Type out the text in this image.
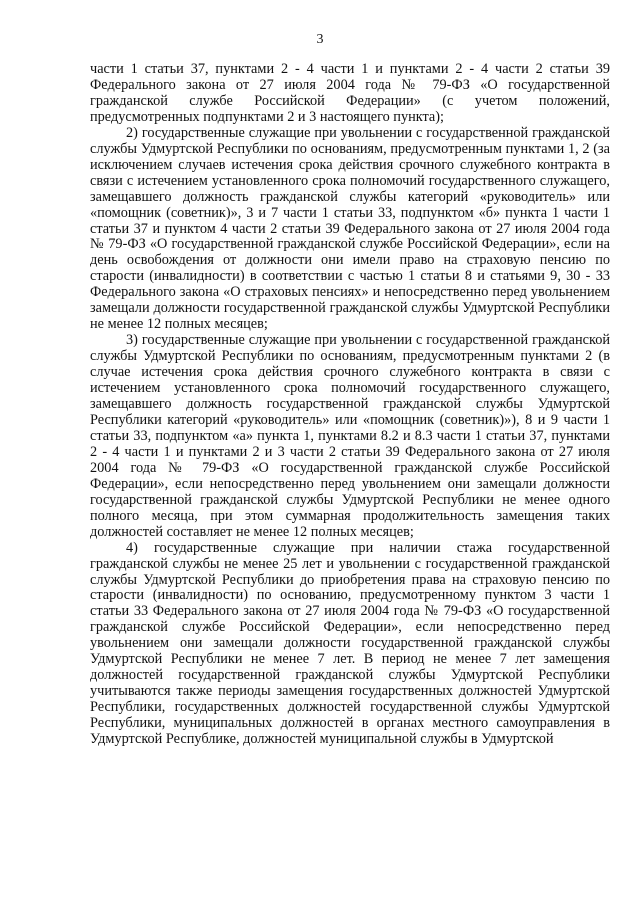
3

части 1 статьи 37, пунктами 2 - 4 части 1 и пунктами 2 - 4 части 2 статьи 39 Федерального закона от 27 июля 2004 года № 79-ФЗ «О государственной гражданской службе Российской Федерации» (с учетом положений, предусмотренных подпунктами 2 и 3 настоящего пункта);

2) государственные служащие при увольнении с государственной гражданской службы Удмуртской Республики по основаниям, предусмотренным пунктами 1, 2 (за исключением случаев истечения срока действия срочного служебного контракта в связи с истечением установленного срока полномочий государственного служащего, замещавшего должность гражданской службы категорий «руководитель» или «помощник (советник)», 3 и 7 части 1 статьи 33, подпунктом «б» пункта 1 части 1 статьи 37 и пунктом 4 части 2 статьи 39 Федерального закона от 27 июля 2004 года № 79-ФЗ «О государственной гражданской службе Российской Федерации», если на день освобождения от должности они имели право на страховую пенсию по старости (инвалидности) в соответствии с частью 1 статьи 8 и статьями 9, 30 - 33 Федерального закона «О страховых пенсиях» и непосредственно перед увольнением замещали должности государственной гражданской службы Удмуртской Республики не менее 12 полных месяцев;

3) государственные служащие при увольнении с государственной гражданской службы Удмуртской Республики по основаниям, предусмотренным пунктами 2 (в случае истечения срока действия срочного служебного контракта в связи с истечением установленного срока полномочий государственного служащего, замещавшего должность государственной гражданской службы Удмуртской Республики категорий «руководитель» или «помощник (советник)»), 8 и 9 части 1 статьи 33, подпунктом «а» пункта 1, пунктами 8.2 и 8.3 части 1 статьи 37, пунктами 2 - 4 части 1 и пунктами 2 и 3 части 2 статьи 39 Федерального закона от 27 июля 2004 года № 79-ФЗ «О государственной гражданской службе Российской Федерации», если непосредственно перед увольнением они замещали должности государственной гражданской службы Удмуртской Республики не менее одного полного месяца, при этом суммарная продолжительность замещения таких должностей составляет не менее 12 полных месяцев;

4) государственные служащие при наличии стажа государственной гражданской службы не менее 25 лет и увольнении с государственной гражданской службы Удмуртской Республики до приобретения права на страховую пенсию по старости (инвалидности) по основанию, предусмотренному пунктом 3 части 1 статьи 33 Федерального закона от 27 июля 2004 года № 79-ФЗ «О государственной гражданской службе Российской Федерации», если непосредственно перед увольнением они замещали должности государственной гражданской службы Удмуртской Республики не менее 7 лет. В период не менее 7 лет замещения должностей государственной гражданской службы Удмуртской Республики учитываются также периоды замещения государственных должностей Удмуртской Республики, государственных должностей государственной службы Удмуртской Республики, муниципальных должностей в органах местного самоуправления в Удмуртской Республике, должностей муниципальной службы в Удмуртской
